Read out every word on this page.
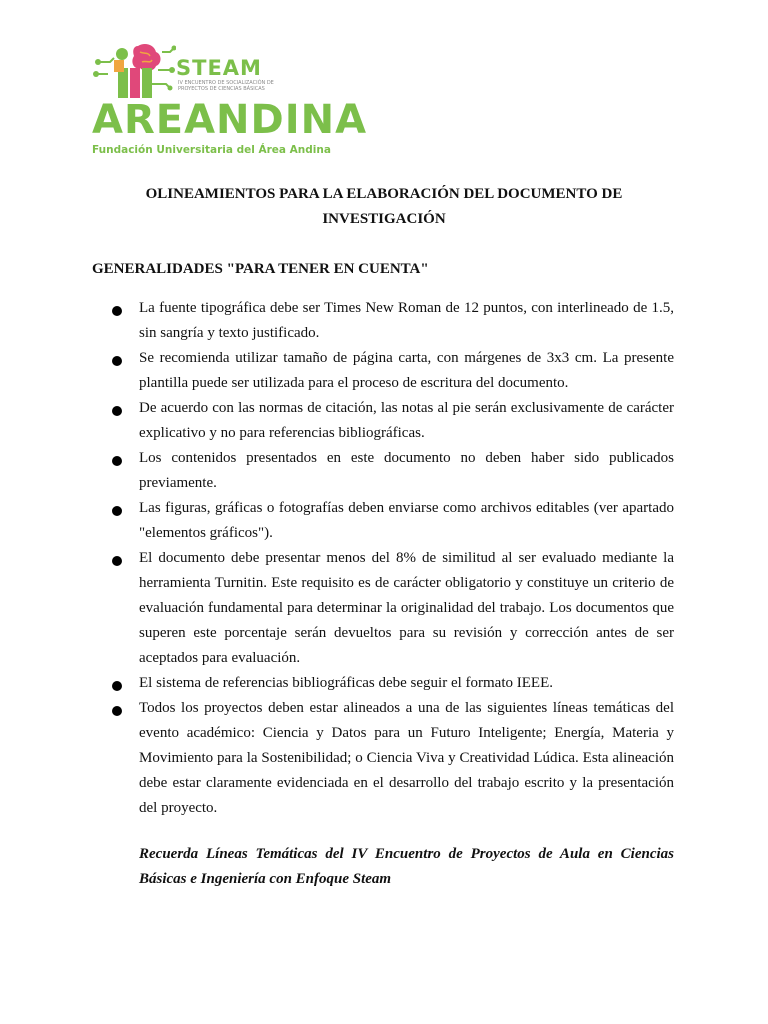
STEAM
IV ENCUENTRO DE SOCIALIZACIÓN DE
PROYECTOS DE CIENCIAS BÁSICAS
AREANDINA
Fundación Universitaria del Área Andina
OLINEAMIENTOS PARA LA ELABORACIÓN DEL DOCUMENTO DE INVESTIGACIÓN
GENERALIDADES "PARA TENER EN CUENTA"
La fuente tipográfica debe ser Times New Roman de 12 puntos, con interlineado de 1.5, sin sangría y texto justificado.
Se recomienda utilizar tamaño de página carta, con márgenes de 3x3 cm. La presente plantilla puede ser utilizada para el proceso de escritura del documento.
De acuerdo con las normas de citación, las notas al pie serán exclusivamente de carácter explicativo y no para referencias bibliográficas.
Los contenidos presentados en este documento no deben haber sido publicados previamente.
Las figuras, gráficas o fotografías deben enviarse como archivos editables (ver apartado "elementos gráficos").
El documento debe presentar menos del 8% de similitud al ser evaluado mediante la herramienta Turnitin. Este requisito es de carácter obligatorio y constituye un criterio de evaluación fundamental para determinar la originalidad del trabajo. Los documentos que superen este porcentaje serán devueltos para su revisión y corrección antes de ser aceptados para evaluación.
El sistema de referencias bibliográficas debe seguir el formato IEEE.
Todos los proyectos deben estar alineados a una de las siguientes líneas temáticas del evento académico: Ciencia y Datos para un Futuro Inteligente; Energía, Materia y Movimiento para la Sostenibilidad; o Ciencia Viva y Creatividad Lúdica. Esta alineación debe estar claramente evidenciada en el desarrollo del trabajo escrito y la presentación del proyecto.
Recuerda Líneas Temáticas del IV Encuentro de Proyectos de Aula en Ciencias Básicas e Ingeniería con Enfoque Steam
